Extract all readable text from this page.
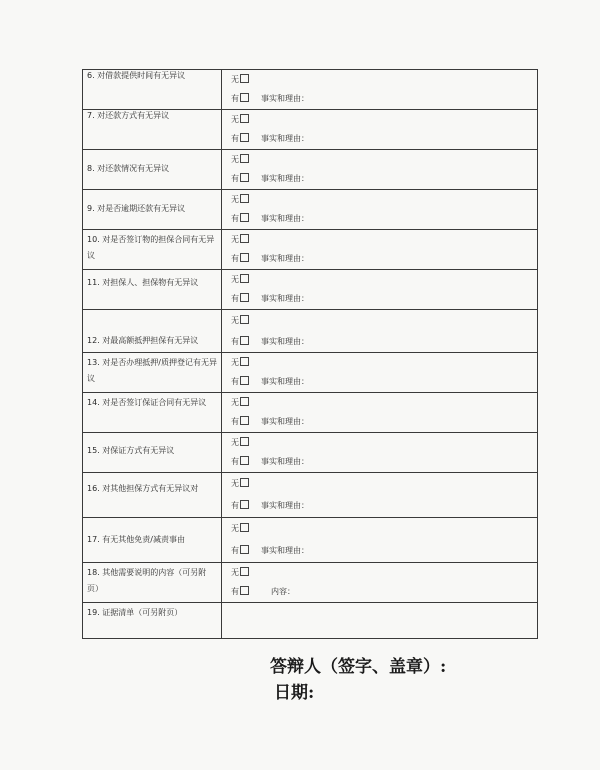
6. 对借款提供时间有无异议	无
有 事实和理由：

7. 对还款方式有无异议	无
有 事实和理由：

8. 对还款情况有无异议	无
有 事实和理由：

9. 对是否逾期还款有无异议	无
有 事实和理由：

10. 对是否签订物的担保合同有无异议	无
有 事实和理由：

11. 对担保人、担保物有无异议	无
有 事实和理由：

12. 对最高额抵押担保有无异议	无
有 事实和理由：

13. 对是否办理抵押/质押登记有无异议	无
有 事实和理由：

14. 对是否签订保证合同有无异议	无
有 事实和理由：

15. 对保证方式有无异议	无
有 事实和理由：

16. 对其他担保方式有无异议对	无
有 事实和理由：

17. 有无其他免责/减责事由	无
有 事实和理由：

18. 其他需要说明的内容（可另附页）	无
有 内容：

19. 证据清单（可另附页）	
答辩人（签字、盖章）:
日期:
